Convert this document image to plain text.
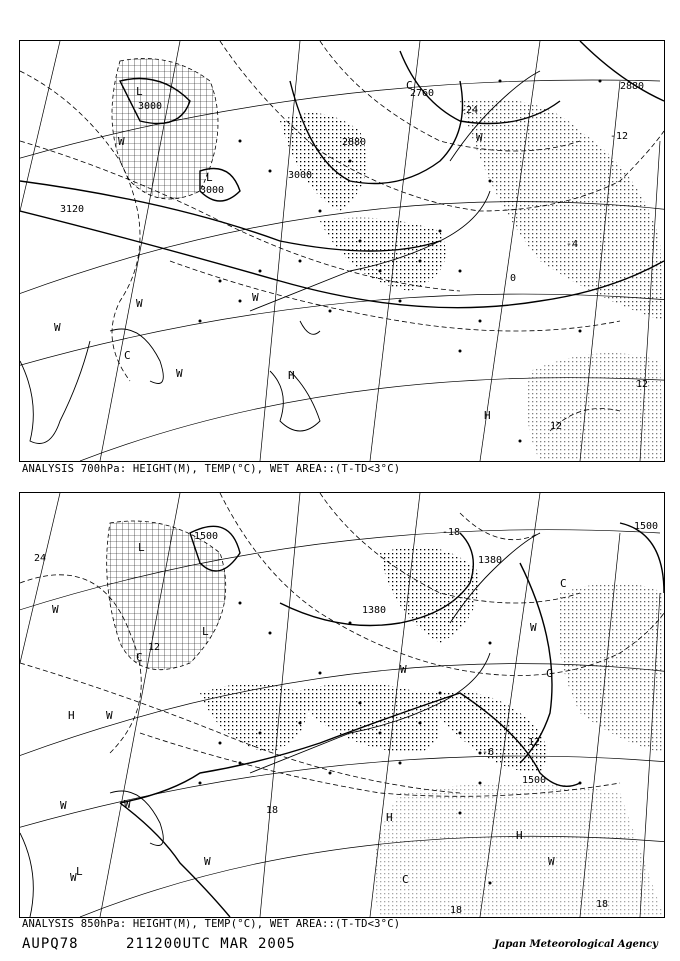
3000
3000
3000
3120
2760
2880
2880
-24
-12
-4
0
12
12
L
L
C
H
H
W
W
W
W
W
C
W
ANALYSIS 700hPa: HEIGHT(M), TEMP(°C), WET AREA::(T-TD<3°C)
1500
1500
1380
1380
1500
24
-18
12
-6
12
18
18
18
L
L
L
C
W
W
W
H
W
W
H
W	C
W
H
C
W
C
W
ANALYSIS 850hPa: HEIGHT(M), TEMP(°C), WET AREA::(T-TD<3°C)
AUPQ78	211200UTC MAR 2005	Japan Meteorological Agency
